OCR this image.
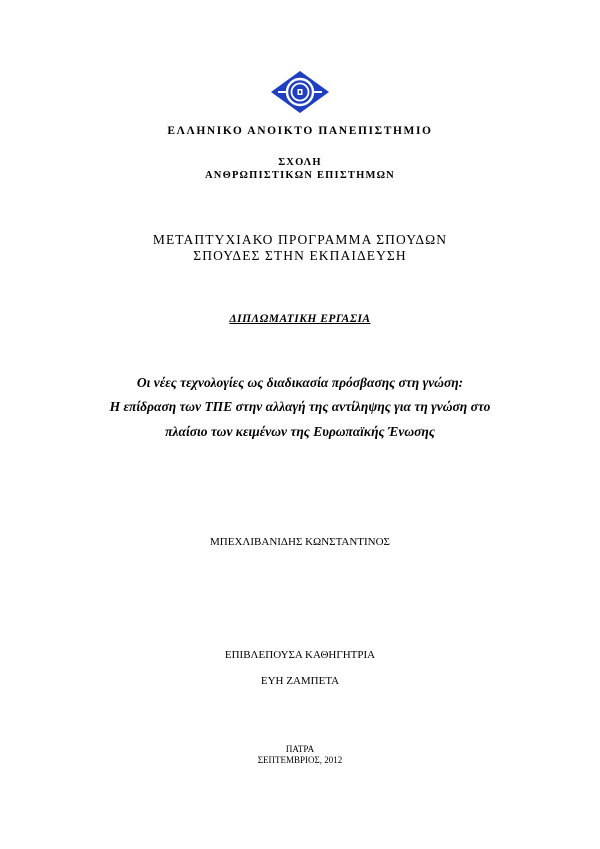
ΕΛΛΗΝΙΚΟ ΑΝΟΙΚΤΟ ΠΑΝΕΠΙΣΤΗΜΙΟ
ΣΧΟΛΗ
ΑΝΘΡΩΠΙΣΤΙΚΩΝ ΕΠΙΣΤΗΜΩΝ
ΜΕΤΑΠΤΥΧΙΑΚΟ ΠΡΟΓΡΑΜΜΑ ΣΠΟΥΔΩΝ
ΣΠΟΥΔΕΣ ΣΤΗΝ ΕΚΠΑΙΔΕΥΣΗ
ΔΙΠΛΩΜΑΤΙΚΗ ΕΡΓΑΣΙΑ
Οι νέες τεχνολογίες ως διαδικασία πρόσβασης στη γνώση:
Η επίδραση των ΤΠΕ στην αλλαγή της αντίληψης για τη γνώση στο
πλαίσιο των κειμένων της Ευρωπαϊκής Ένωσης
ΜΠΕΧΛΙΒΑΝΙΔΗΣ ΚΩΝΣΤΑΝΤΙΝΟΣ
ΕΠΙΒΛΕΠΟΥΣΑ ΚΑΘΗΓΗΤΡΙΑ
ΕΥΗ ΖΑΜΠΕΤΑ
ΠΑΤΡΑ
ΣΕΠΤΕΜΒΡΙΟΣ, 2012
